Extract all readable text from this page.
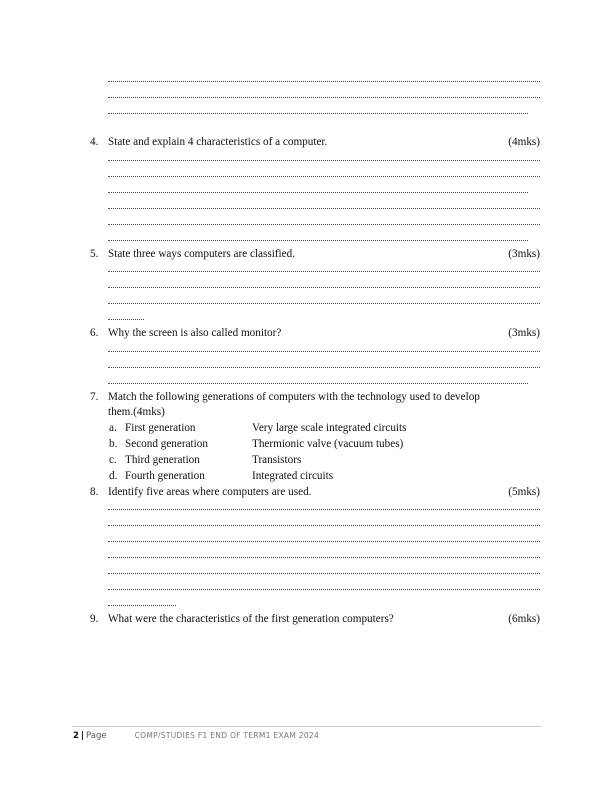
4. State and explain 4 characteristics of a computer.	(4mks)
5. State three ways computers are classified.	(3mks)
6. Why the screen is also called monitor?	(3mks)
7. Match the following generations of computers with the technology used to develop
them.(4mks)
a. First generation	Very large scale integrated circuits
b. Second generation	Thermionic valve (vacuum tubes)
c. Third generation	Transistors
d. Fourth generation	Integrated circuits
8. Identify five areas where computers are used.	(5mks)
9. What were the characteristics of the first generation computers?	(6mks)
2 | Page	COMP/STUDIES F1 END OF TERM1 EXAM 2024
